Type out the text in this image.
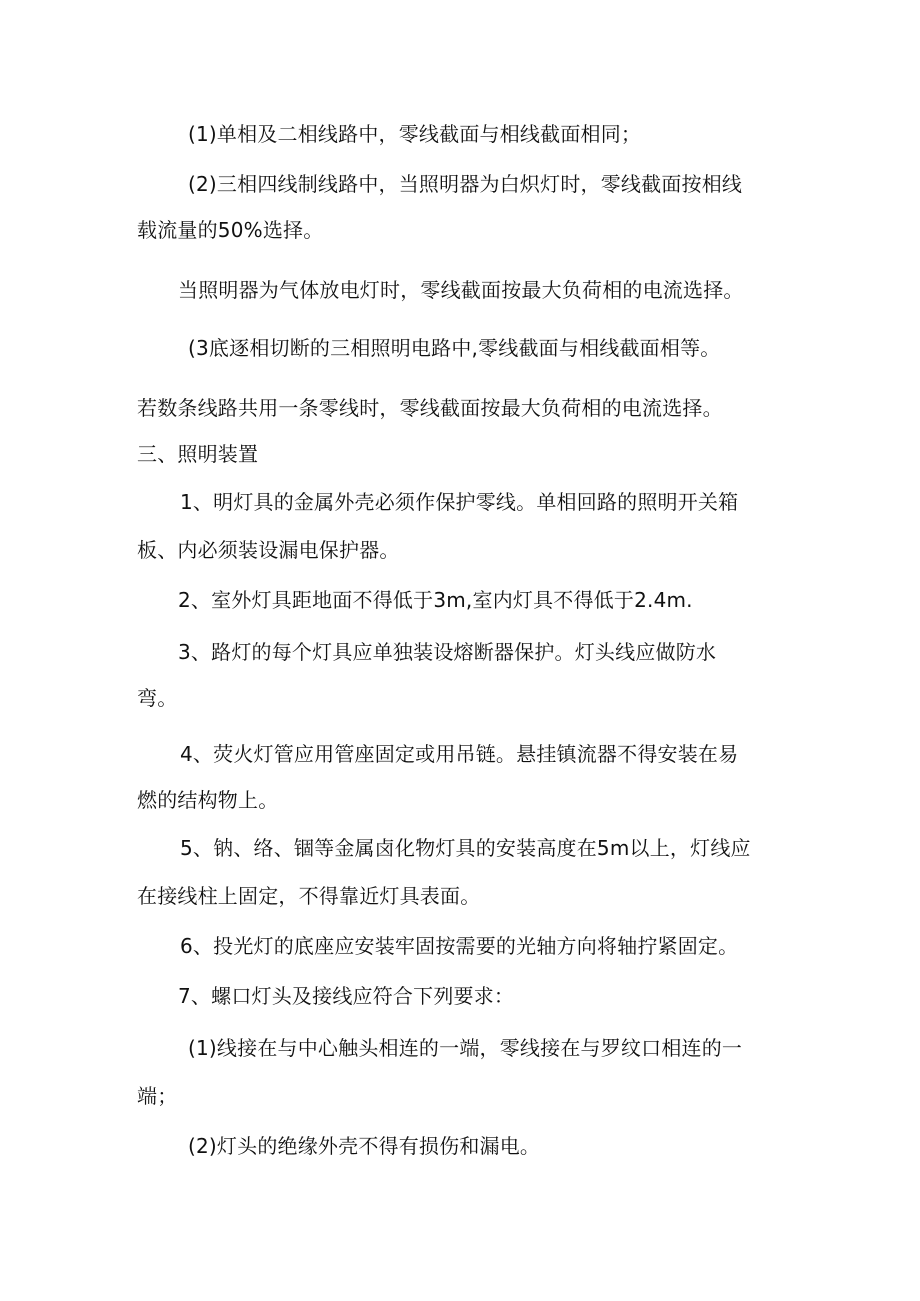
(1)单相及二相线路中，零线截面与相线截面相同；
(2)三相四线制线路中，当照明器为白炽灯时，零线截面按相线
载流量的50%选择。
当照明器为气体放电灯时，零线截面按最大负荷相的电流选择。
(3底逐相切断的三相照明电路中,零线截面与相线截面相等。
若数条线路共用一条零线时，零线截面按最大负荷相的电流选择。
三、照明装置
1、明灯具的金属外壳必须作保护零线。单相回路的照明开关箱
板、内必须装设漏电保护器。
2、室外灯具距地面不得低于3m,室内灯具不得低于2.4m.
3、路灯的每个灯具应单独装设熔断器保护。灯头线应做防水
弯。
4、荧火灯管应用管座固定或用吊链。悬挂镇流器不得安装在易
燃的结构物上。
5、钠、络、锢等金属卤化物灯具的安装高度在5m以上，灯线应
在接线柱上固定，不得靠近灯具表面。
6、投光灯的底座应安装牢固按需要的光轴方向将轴拧紧固定。
7、螺口灯头及接线应符合下列要求：
(1)线接在与中心触头相连的一端，零线接在与罗纹口相连的一
端；
(2)灯头的绝缘外壳不得有损伤和漏电。
